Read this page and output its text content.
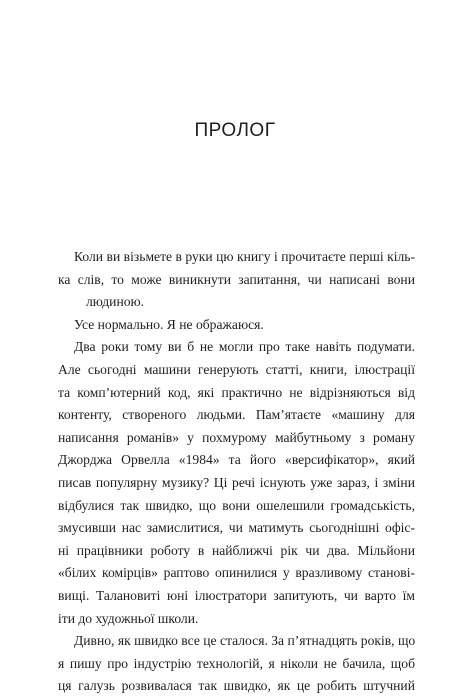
ПРОЛОГ
Коли ви візьмете в руки цю книгу і прочитаєте перші кіль-
ка слів, то може виникнути запитання, чи написані вони
людиною.
Усе нормально. Я не ображаюся.
Два роки тому ви б не могли про таке навіть подумати.
Але сьогодні машини генерують статті, книги, ілюстрації
та комп’ютерний код, які практично не відрізняються від
контенту, створеного людьми. Пам’ятаєте «машину для
написання романів» у похмурому майбутньому з роману
Джорджа Орвелла «1984» та його «версифікатор», який
писав популярну музику? Ці речі існують уже зараз, і зміни
відбулися так швидко, що вони ошелешили громадськість,
змусивши нас замислитися, чи матимуть сьогоднішні офіс-
ні працівники роботу в найближчі рік чи два. Мільйони
«білих комірців» раптово опинилися у вразливому станові-
вищі. Талановиті юні ілюстратори запитують, чи варто їм
іти до художньої школи.
Дивно, як швидко все це сталося. За п’ятнадцять років, що
я пишу про індустрію технологій, я ніколи не бачила, щоб
ця галузь розвивалася так швидко, як це робить штучний
